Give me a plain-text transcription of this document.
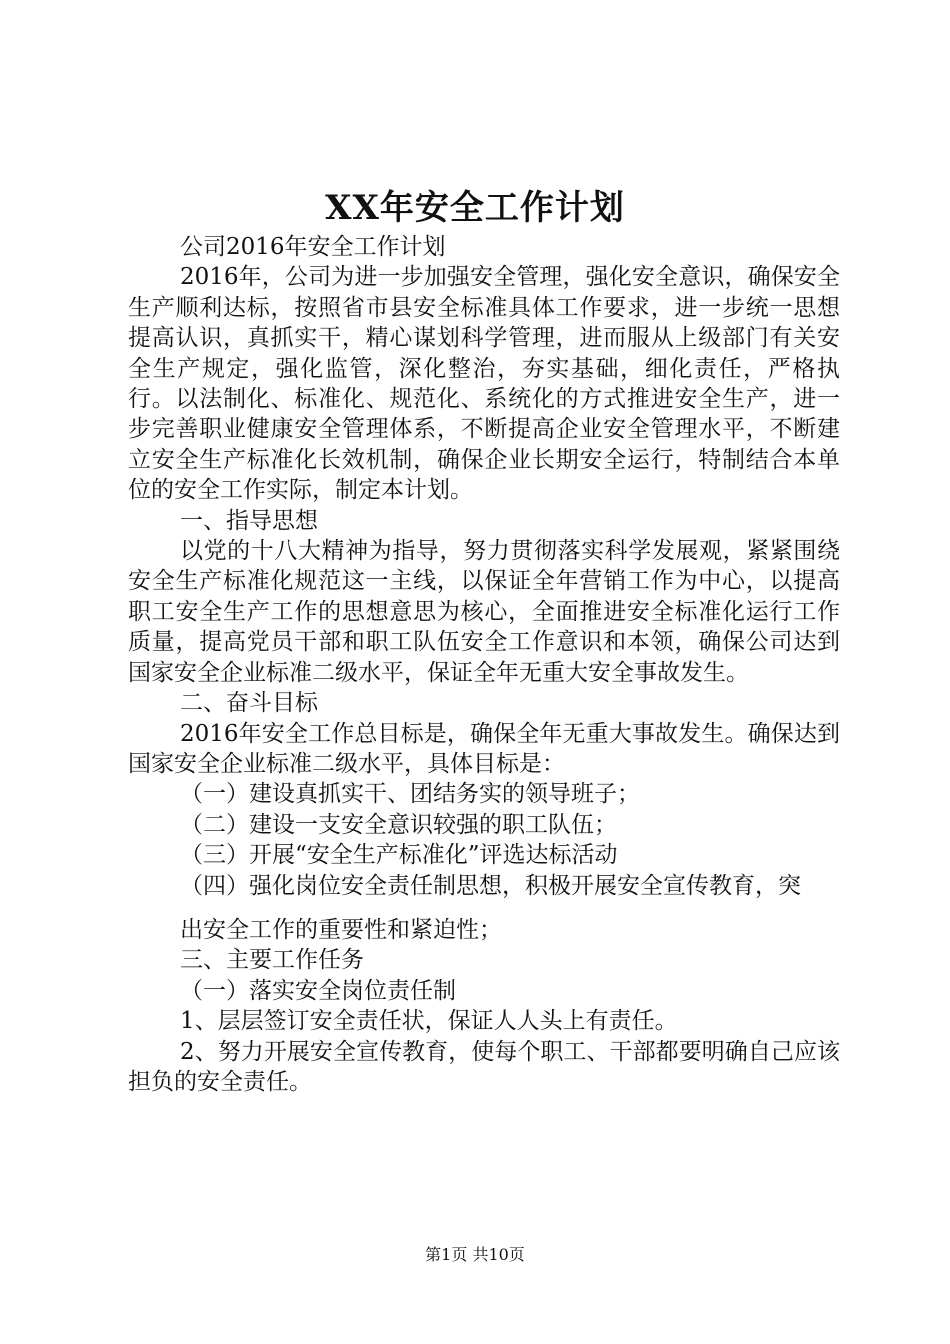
XX年安全工作计划

公司2016年安全工作计划

2016年，公司为进一步加强安全管理，强化安全意识，确保安全生产顺利达标，按照省市县安全标准具体工作要求，进一步统一思想提高认识，真抓实干，精心谋划科学管理，进而服从上级部门有关安全生产规定，强化监管，深化整治，夯实基础，细化责任，严格执行。以法制化、标准化、规范化、系统化的方式推进安全生产，进一步完善职业健康安全管理体系，不断提高企业安全管理水平，不断建立安全生产标准化长效机制，确保企业长期安全运行，特制结合本单位的安全工作实际，制定本计划。

一、指导思想

以党的十八大精神为指导，努力贯彻落实科学发展观，紧紧围绕安全生产标准化规范这一主线，以保证全年营销工作为中心，以提高职工安全生产工作的思想意思为核心，全面推进安全标准化运行工作质量，提高党员干部和职工队伍安全工作意识和本领，确保公司达到国家安全企业标准二级水平，保证全年无重大安全事故发生。

二、奋斗目标

2016年安全工作总目标是，确保全年无重大事故发生。确保达到国家安全企业标准二级水平，具体目标是：

（一）建设真抓实干、团结务实的领导班子；

（二）建设一支安全意识较强的职工队伍；

（三）开展“安全生产标准化”评选达标活动

（四）强化岗位安全责任制思想，积极开展安全宣传教育，突

出安全工作的重要性和紧迫性；

三、主要工作任务

（一）落实安全岗位责任制

1、层层签订安全责任状，保证人人头上有责任。

2、努力开展安全宣传教育，使每个职工、干部都要明确自己应该担负的安全责任。

第1页 共10页
